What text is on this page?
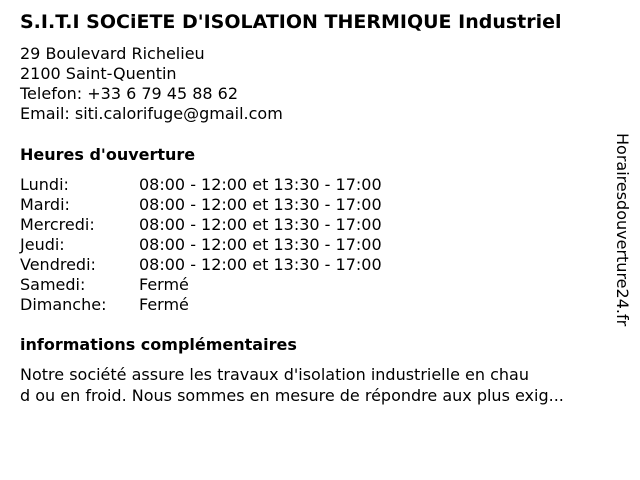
S.I.T.I SOCiETE D'ISOLATION THERMIQUE Industriel
29 Boulevard Richelieu
2100 Saint-Quentin
Telefon: +33 6 79 45 88 62
Email: siti.calorifuge@gmail.com
Heures d'ouverture
Lundi:	08:00 - 12:00 et 13:30 - 17:00
Mardi:	08:00 - 12:00 et 13:30 - 17:00
Mercredi:	08:00 - 12:00 et 13:30 - 17:00
Jeudi:	08:00 - 12:00 et 13:30 - 17:00
Vendredi:	08:00 - 12:00 et 13:30 - 17:00
Samedi:	Fermé
Dimanche:	Fermé
informations complémentaires
Notre société assure les travaux d'isolation industrielle en chau
d ou en froid. Nous sommes en mesure de répondre aux plus exig...
Horairesdouverture24.fr
